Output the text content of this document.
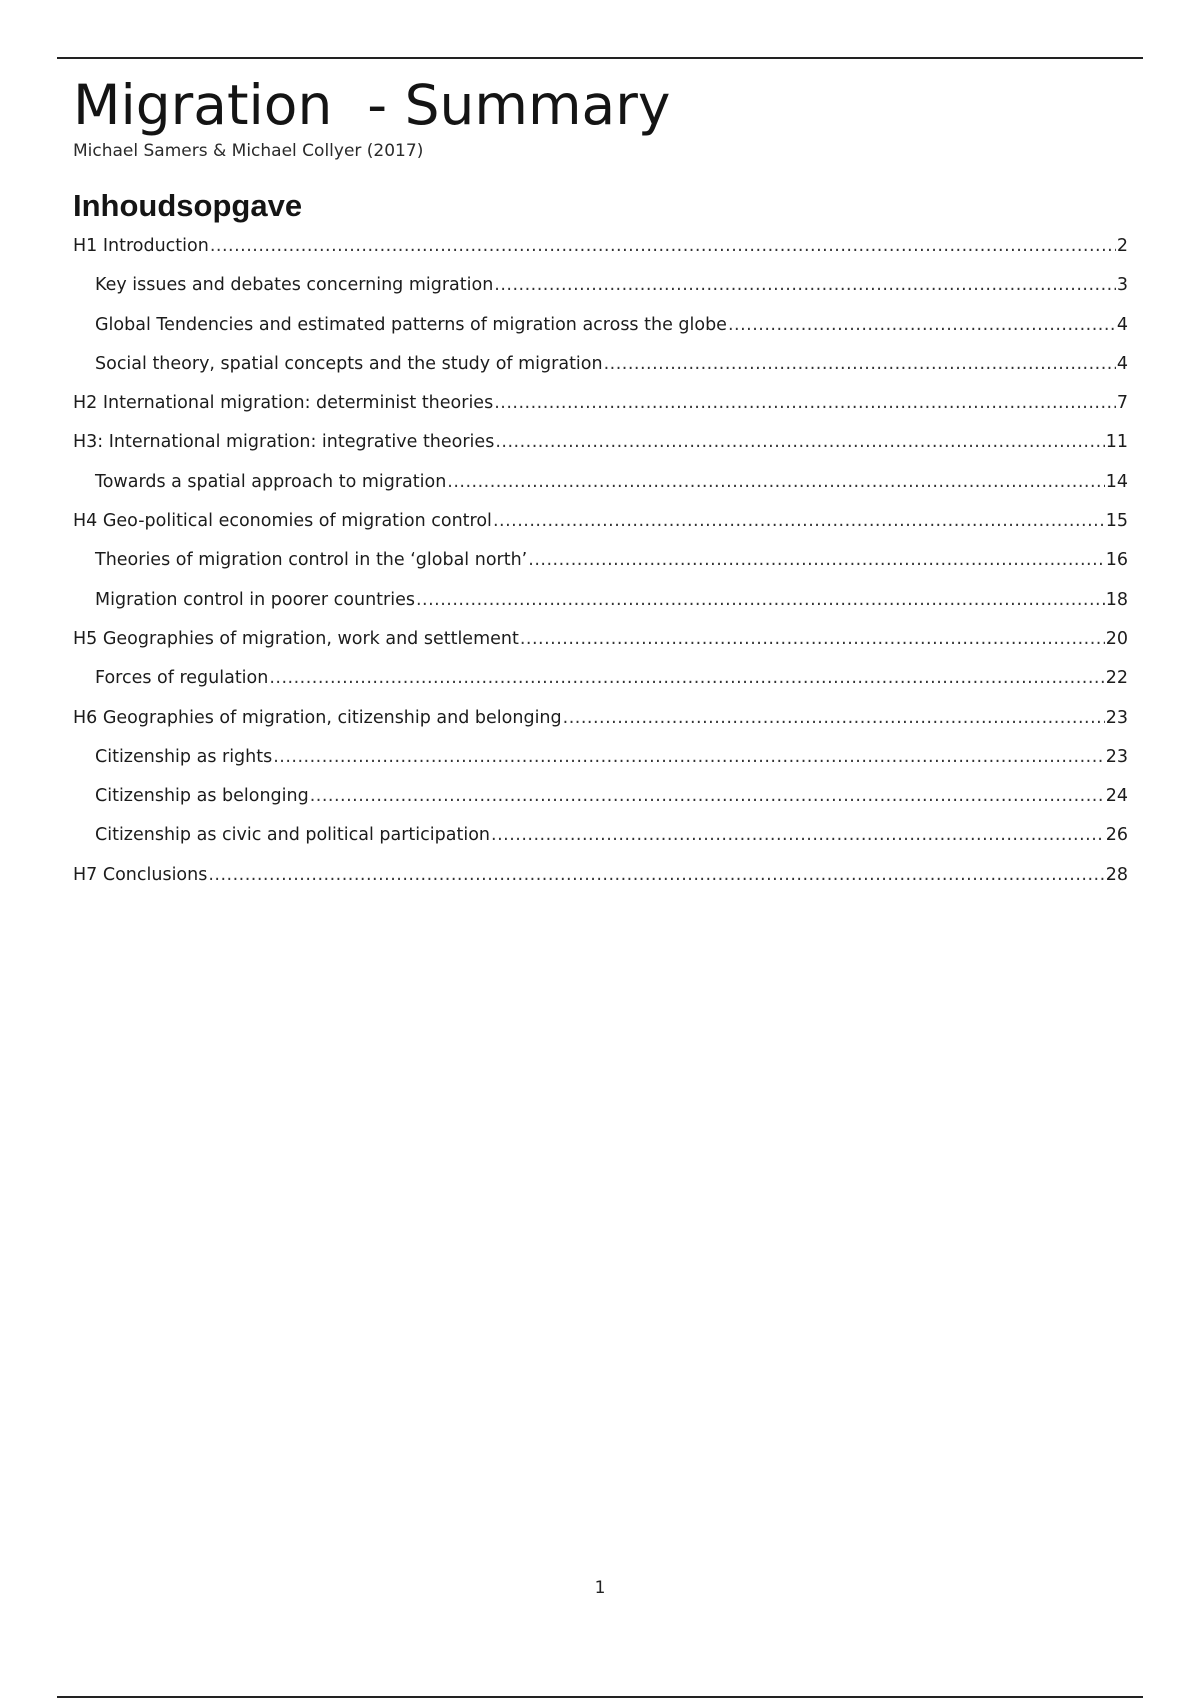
Migration  - Summary

Michael Samers & Michael Collyer (2017)

Inhoudsopgave
H1 Introduction .....	2
Key issues and debates concerning migration .....	3
Global Tendencies and estimated patterns of migration across the globe .....	4
Social theory, spatial concepts and the study of migration .....	4
H2 International migration: determinist theories .....	7
H3: International migration: integrative theories .....	11
Towards a spatial approach to migration .....	14
H4 Geo-political economies of migration control .....	15
Theories of migration control in the ‘global north’ .....	16
Migration control in poorer countries .....	18
H5 Geographies of migration, work and settlement .....	20
Forces of regulation .....	22
H6 Geographies of migration, citizenship and belonging .....	23
Citizenship as rights .....	23
Citizenship as belonging .....	24
Citizenship as civic and political participation .....	26
H7 Conclusions .....	28
1
